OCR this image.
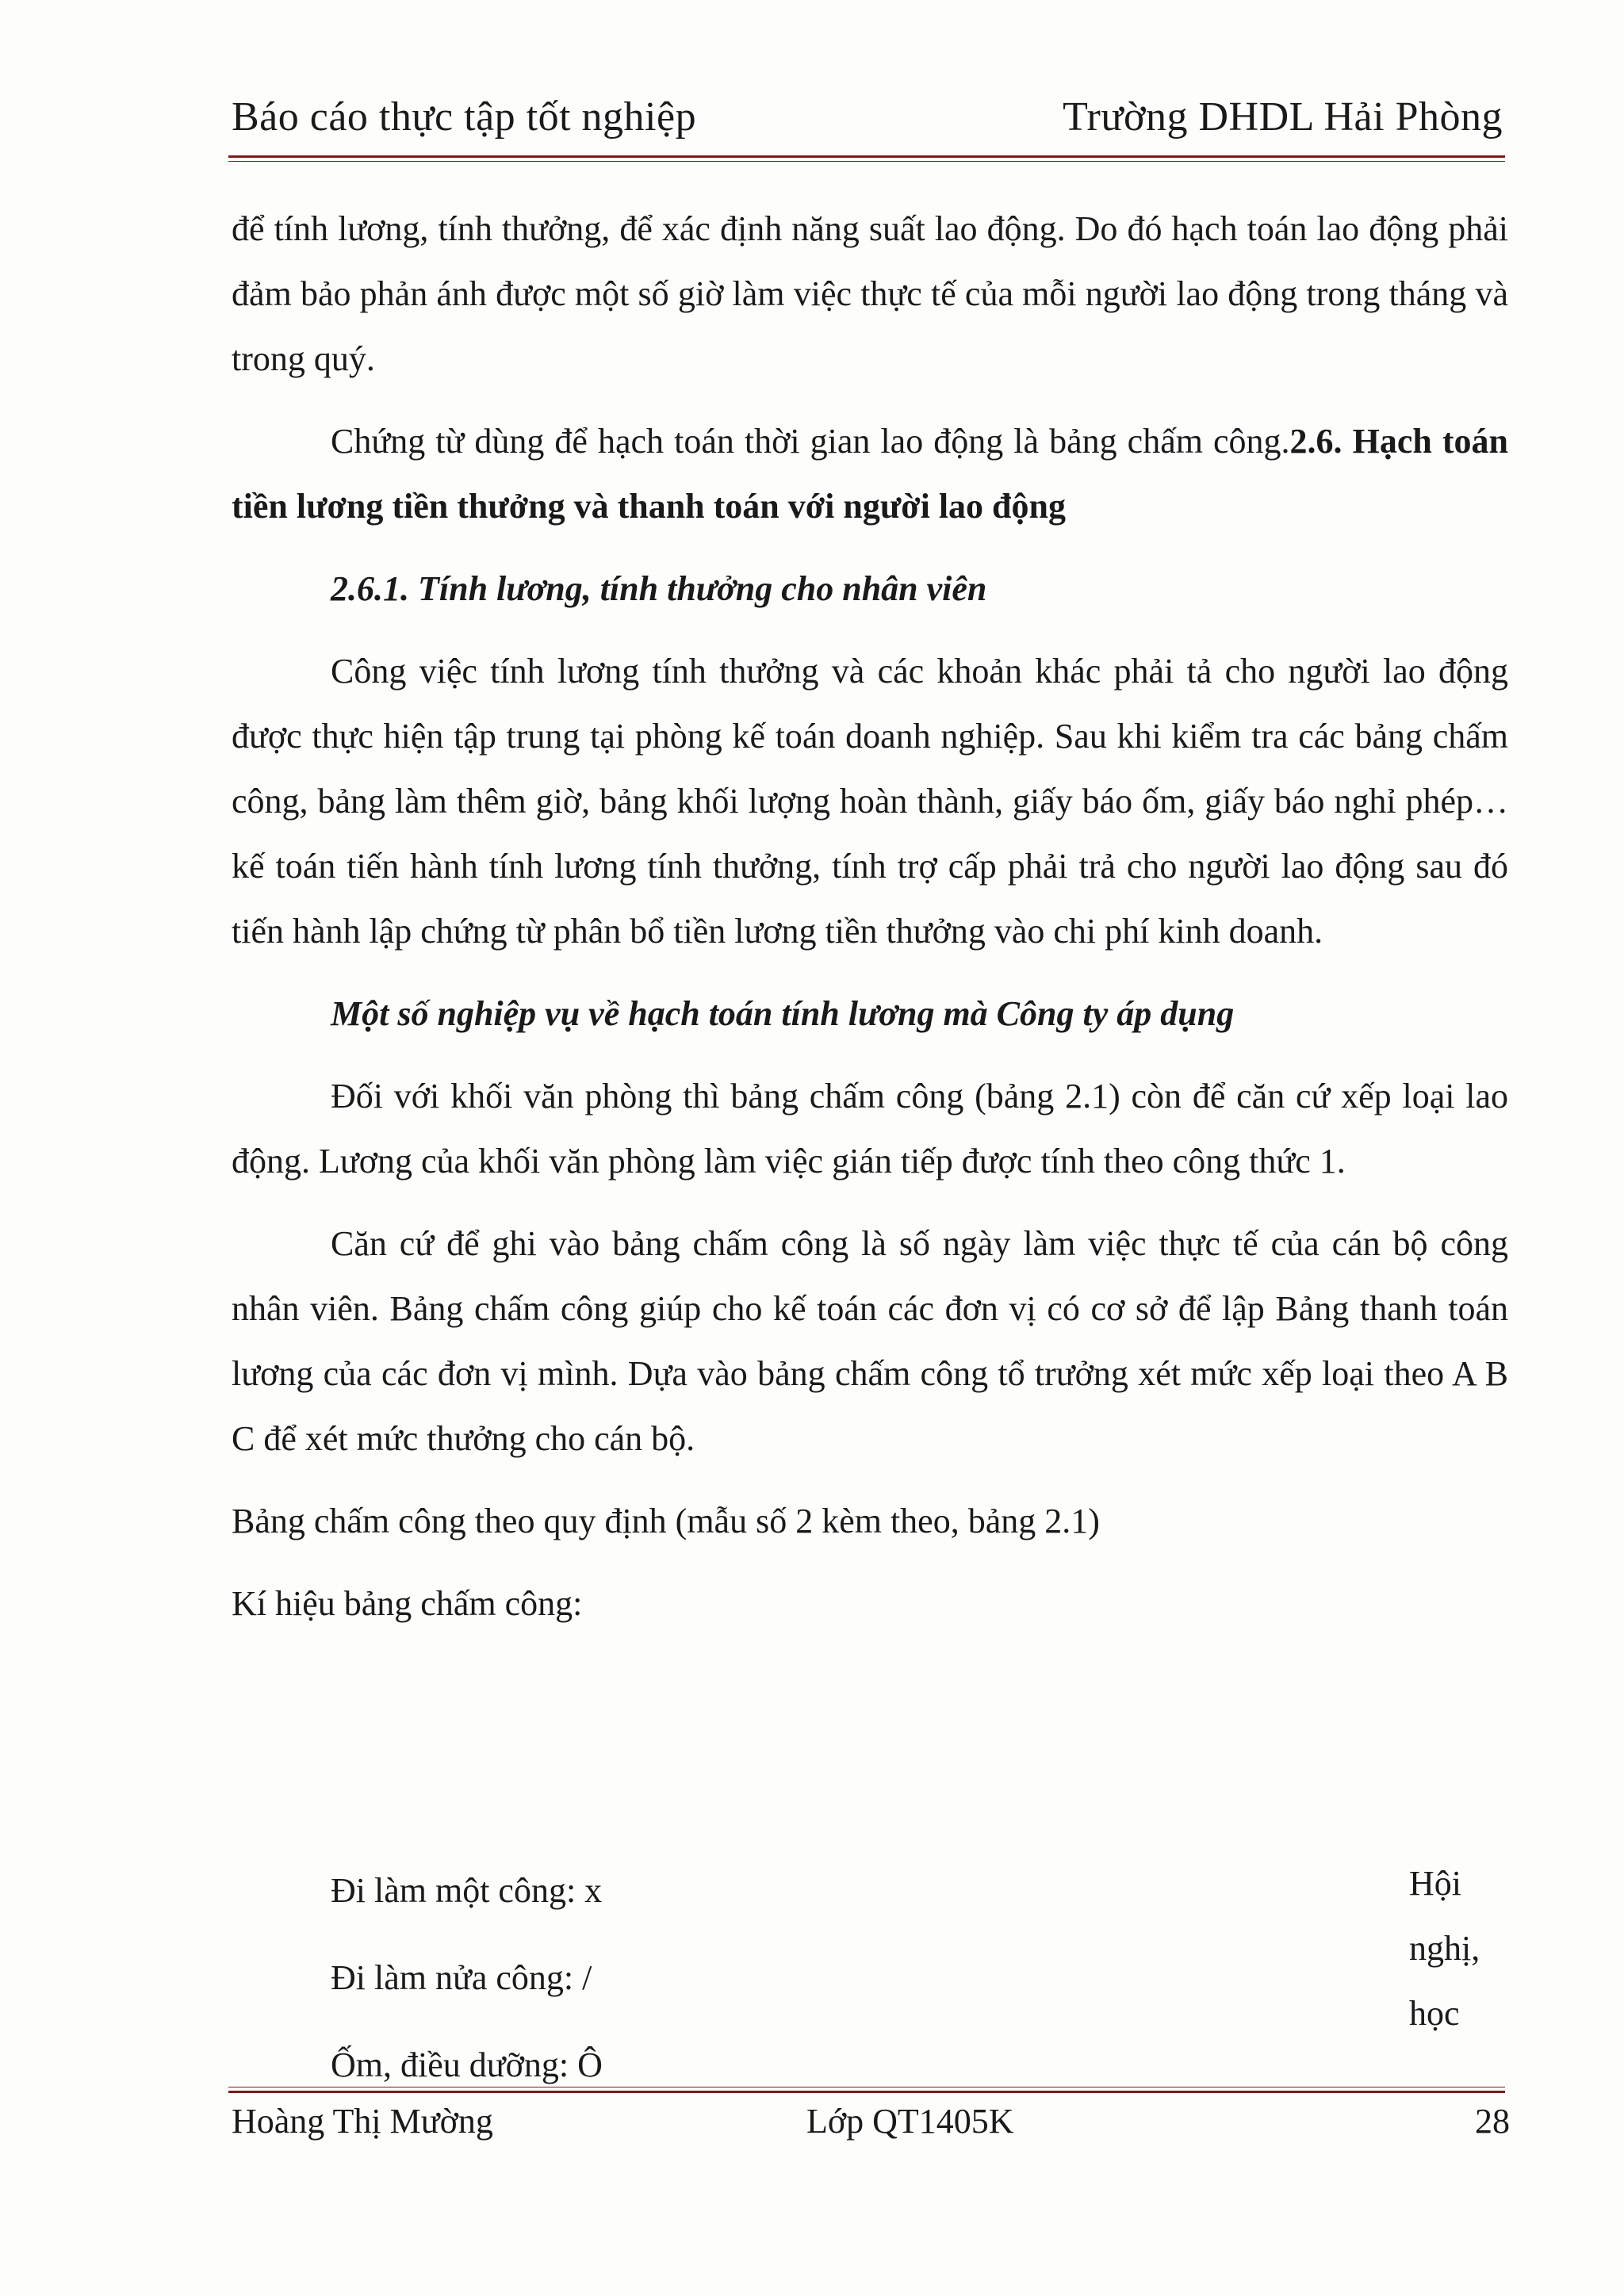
Báo cáo thực tập tốt nghiệp	Trường DHDL Hải Phòng

để tính lương, tính thưởng, để xác định năng suất lao động. Do đó hạch toán lao động phải đảm bảo phản ánh được một số giờ làm việc thực tế của mỗi người lao động trong tháng và trong quý.

Chứng từ dùng để hạch toán thời gian lao động là bảng chấm công.2.6. Hạch toán tiền lương tiền thưởng và thanh toán với người lao động

2.6.1. Tính lương, tính thưởng cho nhân viên

Công việc tính lương tính thưởng và các khoản khác phải tả cho người lao động được thực hiện tập trung tại phòng kế toán doanh nghiệp. Sau khi kiểm tra các bảng chấm công, bảng làm thêm giờ, bảng khối lượng hoàn thành, giấy báo ốm, giấy báo nghỉ phép… kế toán tiến hành tính lương tính thưởng, tính trợ cấp phải trả cho người lao động sau đó tiến hành lập chứng từ phân bổ tiền lương tiền thưởng vào chi phí kinh doanh.

Một số nghiệp vụ về hạch toán tính lương mà Công ty áp dụng

Đối với khối văn phòng thì bảng chấm công (bảng 2.1) còn để căn cứ xếp loại lao động. Lương của khối văn phòng làm việc gián tiếp được tính theo công thức 1.

Căn cứ để ghi vào bảng chấm công là số ngày làm việc thực tế của cán bộ công nhân viên. Bảng chấm công giúp cho kế toán các đơn vị có cơ sở để lập Bảng thanh toán lương của các đơn vị mình. Dựa vào bảng chấm công tổ trưởng xét mức xếp loại theo A B C để xét mức thưởng cho cán bộ.

Bảng chấm công theo quy định (mẫu số 2 kèm theo, bảng 2.1)

Kí hiệu bảng chấm công:

Đi làm một công: x
Đi làm nửa công: /
Ốm, điều dưỡng: Ô
Hội
nghị,
học
Hoàng Thị Mường	Lớp QT1405K	28
